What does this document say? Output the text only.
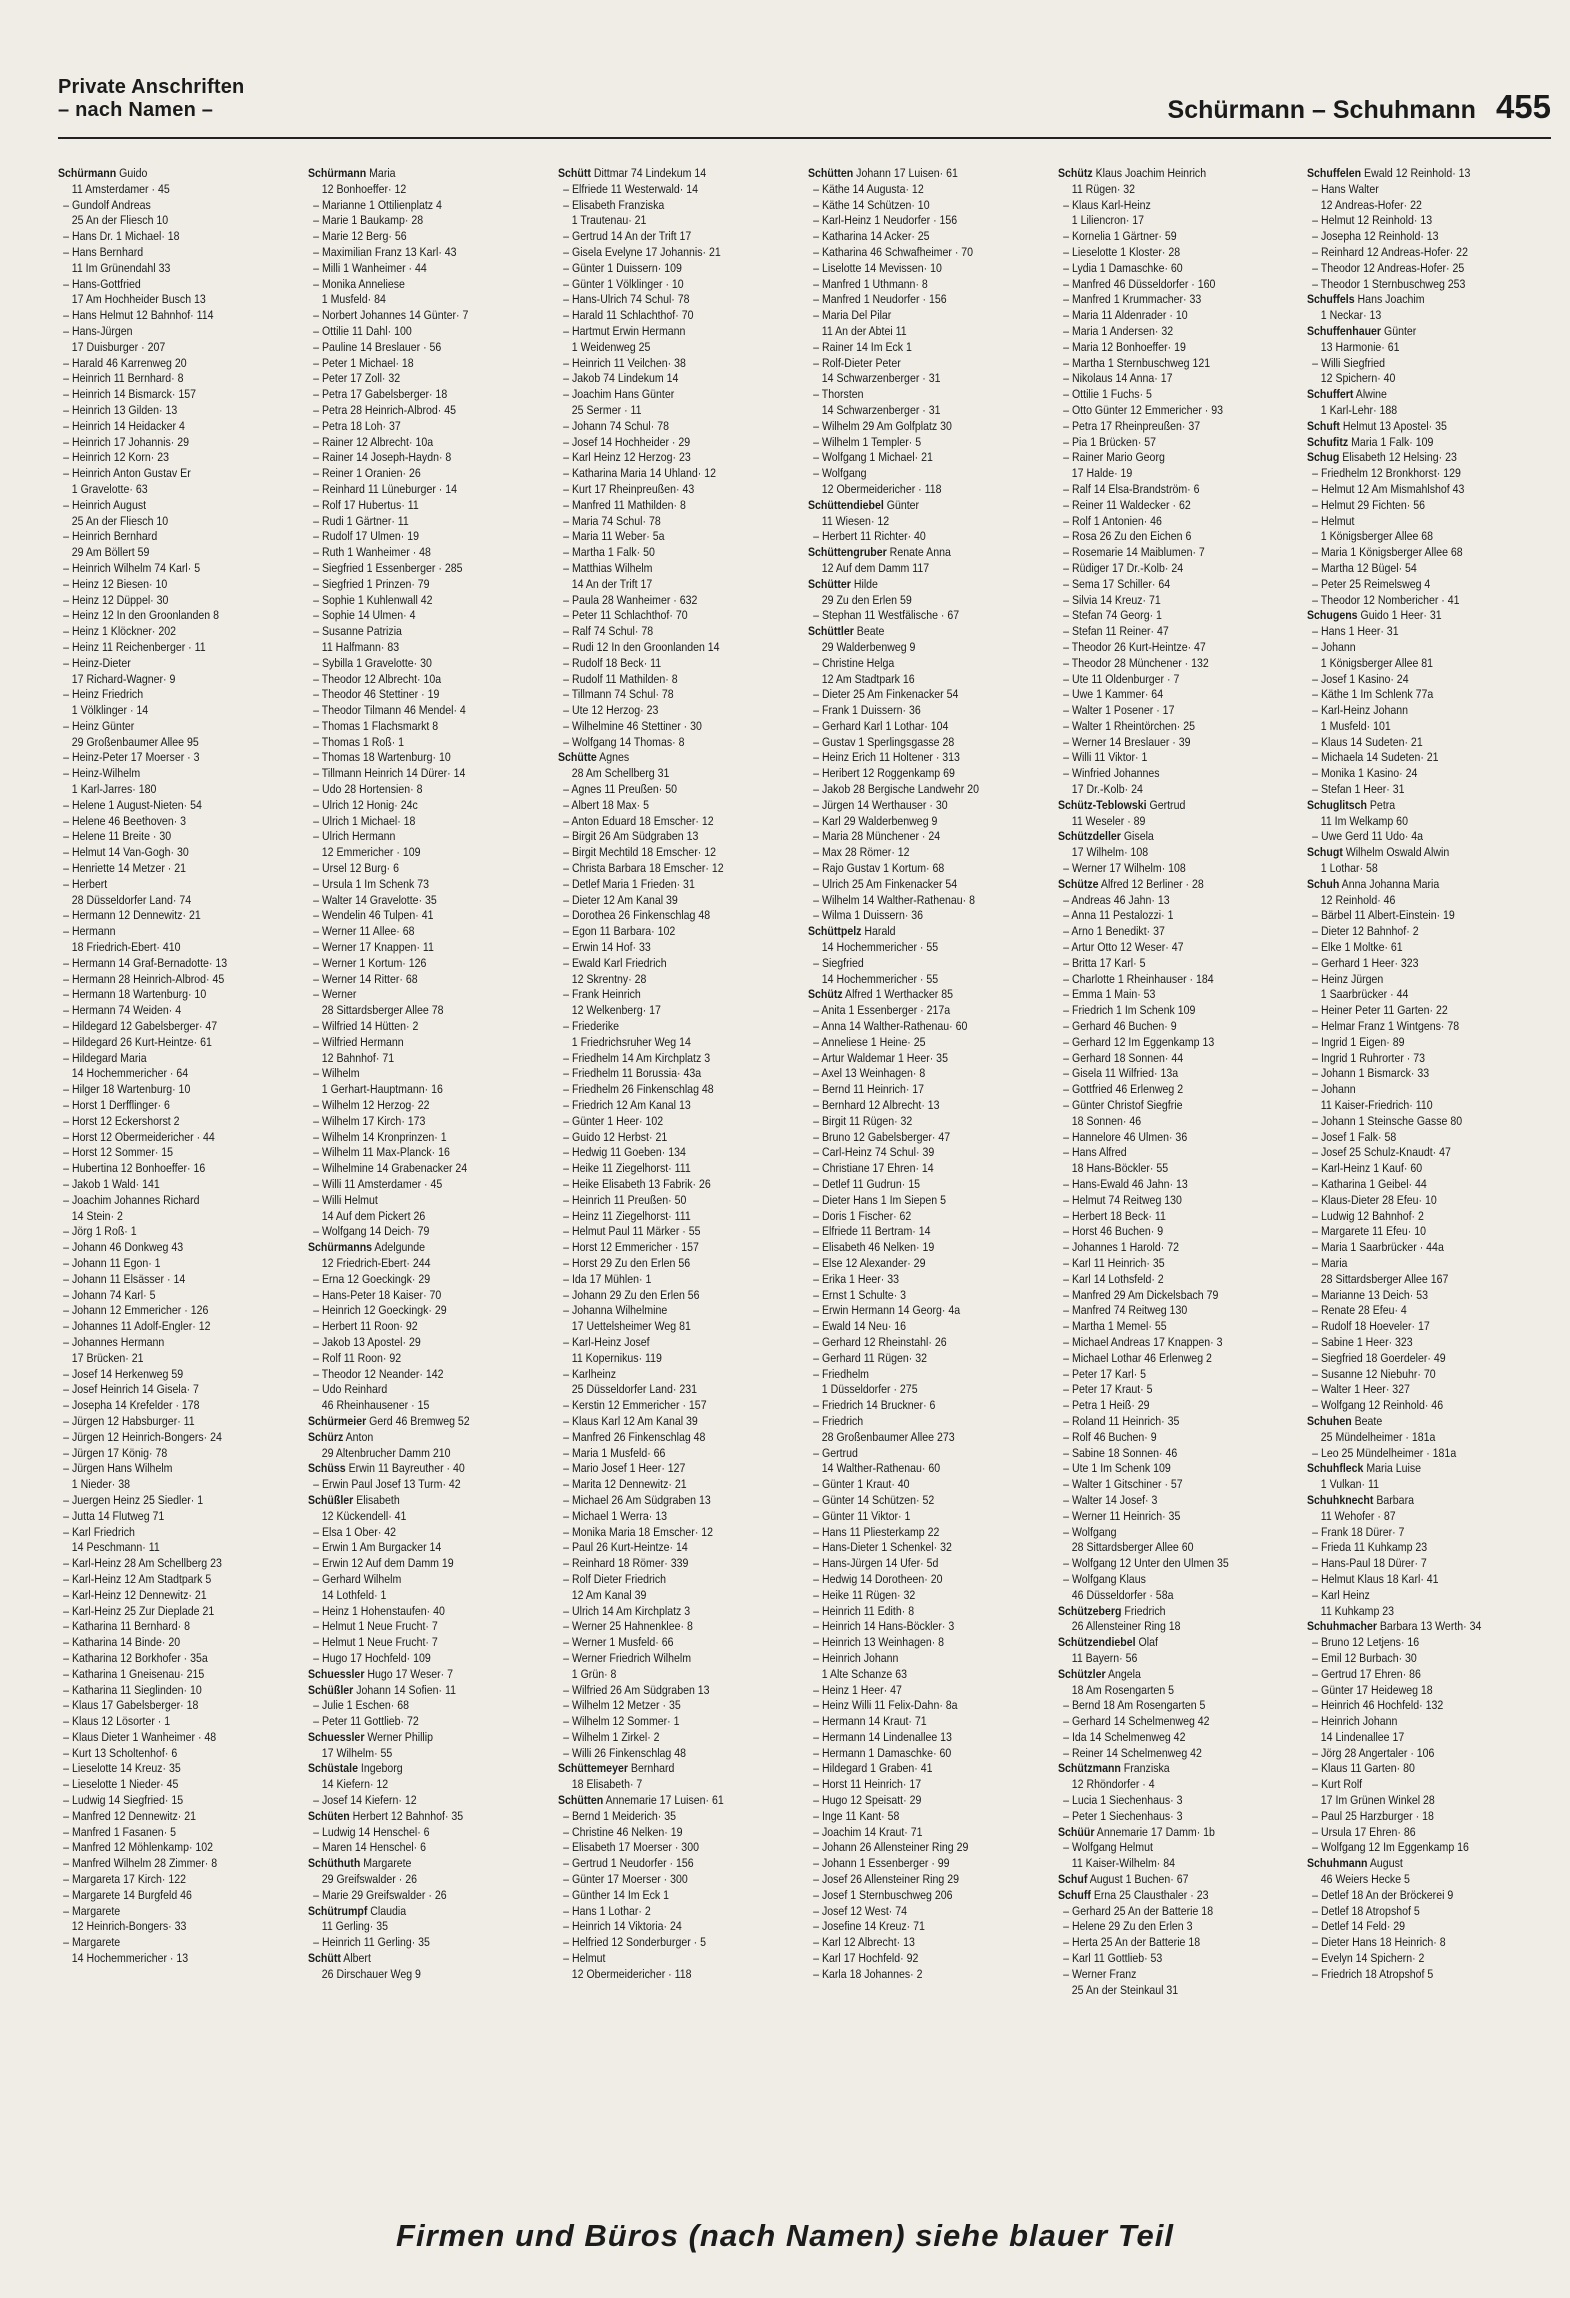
Private Anschriften
– nach Namen –	Schürmann – Schuhmann 455
Schürmann Guido
11 Amsterdamer · 45
– Gundolf Andreas
25 An der Fliesch 10
– Hans Dr. 1 Michael· 18
– Hans Bernhard
11 Im Grünendahl 33
– Hans-Gottfried
17 Am Hochheider Busch 13
– Hans Helmut 12 Bahnhof· 114
– Hans-Jürgen
17 Duisburger · 207
– Harald 46 Karrenweg 20
– Heinrich 11 Bernhard· 8
– Heinrich 14 Bismarck· 157
– Heinrich 13 Gilden· 13
– Heinrich 14 Heidacker 4
– Heinrich 17 Johannis· 29
– Heinrich 12 Korn· 23
– Heinrich Anton Gustav Er
1 Gravelotte· 63
– Heinrich August
25 An der Fliesch 10
– Heinrich Bernhard
29 Am Böllert 59
– Heinrich Wilhelm 74 Karl· 5
– Heinz 12 Biesen· 10
– Heinz 12 Düppel· 30
– Heinz 12 In den Groonlanden 8
– Heinz 1 Klöckner· 202
– Heinz 11 Reichenberger · 11
– Heinz-Dieter
17 Richard-Wagner· 9
– Heinz Friedrich
1 Völklinger · 14
– Heinz Günter
29 Großenbaumer Allee 95
– Heinz-Peter 17 Moerser · 3
– Heinz-Wilhelm
1 Karl-Jarres· 180
– Helene 1 August-Nieten· 54
– Helene 46 Beethoven· 3
– Helene 11 Breite · 30
– Helmut 14 Van-Gogh· 30
– Henriette 14 Metzer · 21
– Herbert
28 Düsseldorfer Land· 74
– Hermann 12 Dennewitz· 21
– Hermann
18 Friedrich-Ebert· 410
– Hermann 14 Graf-Bernadotte· 13
– Hermann 28 Heinrich-Albrod· 45
– Hermann 18 Wartenburg· 10
– Hermann 74 Weiden· 4
– Hildegard 12 Gabelsberger· 47
– Hildegard 26 Kurt-Heintze· 61
– Hildegard Maria
14 Hochemmericher · 64
– Hilger 18 Wartenburg· 10
– Horst 1 Derfflinger· 6
– Horst 12 Eckershorst 2
– Horst 12 Obermeidericher · 44
– Horst 12 Sommer· 15
– Hubertina 12 Bonhoeffer· 16
– Jakob 1 Wald· 141
– Joachim Johannes Richard
14 Stein· 2
– Jörg 1 Roß· 1
– Johann 46 Donkweg 43
– Johann 11 Egon· 1
– Johann 11 Elsässer · 14
– Johann 74 Karl· 5
– Johann 12 Emmericher · 126
– Johannes 11 Adolf-Engler· 12
– Johannes Hermann
17 Brücken· 21
– Josef 14 Herkenweg 59
– Josef Heinrich 14 Gisela· 7
– Josepha 14 Krefelder · 178
– Jürgen 12 Habsburger· 11
– Jürgen 12 Heinrich-Bongers· 24
– Jürgen 17 König· 78
– Jürgen Hans Wilhelm
1 Nieder· 38
– Juergen Heinz 25 Siedler· 1
– Jutta 14 Flutweg 71
– Karl Friedrich
14 Peschmann· 11
– Karl-Heinz 28 Am Schellberg 23
– Karl-Heinz 12 Am Stadtpark 5
– Karl-Heinz 12 Dennewitz· 21
– Karl-Heinz 25 Zur Dieplade 21
– Katharina 11 Bernhard· 8
– Katharina 14 Binde· 20
– Katharina 12 Borkhofer · 35a
– Katharina 1 Gneisenau· 215
– Katharina 11 Sieglinden· 10
– Klaus 17 Gabelsberger· 18
– Klaus 12 Lösorter · 1
– Klaus Dieter 1 Wanheimer · 48
– Kurt 13 Scholtenhof· 6
– Lieselotte 14 Kreuz· 35
– Lieselotte 1 Nieder· 45
– Ludwig 14 Siegfried· 15
– Manfred 12 Dennewitz· 21
– Manfred 1 Fasanen· 5
– Manfred 12 Möhlenkamp· 102
– Manfred Wilhelm 28 Zimmer· 8
– Margareta 17 Kirch· 122
– Margarete 14 Burgfeld 46
– Margarete
12 Heinrich-Bongers· 33
– Margarete
14 Hochemmericher · 13
Schürmann Maria
12 Bonhoeffer· 12
– Marianne 1 Ottilienplatz 4
– Marie 1 Baukamp· 28
– Marie 12 Berg· 56
– Maximilian Franz 13 Karl· 43
– Milli 1 Wanheimer · 44
– Monika Anneliese
1 Musfeld· 84
– Norbert Johannes 14 Günter· 7
– Ottilie 11 Dahl· 100
– Pauline 14 Breslauer · 56
– Peter 1 Michael· 18
– Peter 17 Zoll· 32
– Petra 17 Gabelsberger· 18
– Petra 28 Heinrich-Albrod· 45
– Petra 18 Loh· 37
– Rainer 12 Albrecht· 10a
– Rainer 14 Joseph-Haydn· 8
– Reiner 1 Oranien· 26
– Reinhard 11 Lüneburger · 14
– Rolf 17 Hubertus· 11
– Rudi 1 Gärtner· 11
– Rudolf 17 Ulmen· 19
– Ruth 1 Wanheimer · 48
– Siegfried 1 Essenberger · 285
– Siegfried 1 Prinzen· 79
– Sophie 1 Kuhlenwall 42
– Sophie 14 Ulmen· 4
– Susanne Patrizia
11 Halfmann· 83
– Sybilla 1 Gravelotte· 30
– Theodor 12 Albrecht· 10a
– Theodor 46 Stettiner · 19
– Theodor Tilmann 46 Mendel· 4
– Thomas 1 Flachsmarkt 8
– Thomas 1 Roß· 1
– Thomas 18 Wartenburg· 10
– Tillmann Heinrich 14 Dürer· 14
– Udo 28 Hortensien· 8
– Ulrich 12 Honig· 24c
– Ulrich 1 Michael· 18
– Ulrich Hermann
12 Emmericher · 109
– Ursel 12 Burg· 6
– Ursula 1 Im Schenk 73
– Walter 14 Gravelotte· 35
– Wendelin 46 Tulpen· 41
– Werner 11 Allee· 68
– Werner 17 Knappen· 11
– Werner 1 Kortum· 126
– Werner 14 Ritter· 68
– Werner
28 Sittardsberger Allee 78
– Wilfried 14 Hütten· 2
– Wilfried Hermann
12 Bahnhof· 71
– Wilhelm
1 Gerhart-Hauptmann· 16
– Wilhelm 12 Herzog· 22
– Wilhelm 17 Kirch· 173
– Wilhelm 14 Kronprinzen· 1
– Wilhelm 11 Max-Planck· 16
– Wilhelmine 14 Grabenacker 24
– Willi 11 Amsterdamer · 45
– Willi Helmut
14 Auf dem Pickert 26
– Wolfgang 14 Deich· 79
Schürmanns Adelgunde
12 Friedrich-Ebert· 244
– Erna 12 Goeckingk· 29
– Hans-Peter 18 Kaiser· 70
– Heinrich 12 Goeckingk· 29
– Herbert 11 Roon· 92
– Jakob 13 Apostel· 29
– Rolf 11 Roon· 92
– Theodor 12 Neander· 142
– Udo Reinhard
46 Rheinhausener · 15
Schürmeier Gerd 46 Bremweg 52
Schürz Anton
29 Altenbrucher Damm 210
Schüss Erwin 11 Bayreuther · 40
– Erwin Paul Josef 13 Turm· 42
Schüßler Elisabeth
12 Kückendell· 41
– Elsa 1 Ober· 42
– Erwin 1 Am Burgacker 14
– Erwin 12 Auf dem Damm 19
– Gerhard Wilhelm
14 Lothfeld· 1
– Heinz 1 Hohenstaufen· 40
– Helmut 1 Neue Frucht· 7
– Helmut 1 Neue Frucht· 7
– Hugo 17 Hochfeld· 109
Schuessler Hugo 17 Weser· 7
Schüßler Johann 14 Sofien· 11
– Julie 1 Eschen· 68
– Peter 11 Gottlieb· 72
Schuessler Werner Phillip
17 Wilhelm· 55
Schüstale Ingeborg
14 Kiefern· 12
– Josef 14 Kiefern· 12
Schüten Herbert 12 Bahnhof· 35
– Ludwig 14 Henschel· 6
– Maren 14 Henschel· 6
Schüthuth Margarete
29 Greifswalder · 26
– Marie 29 Greifswalder · 26
Schütrumpf Claudia
11 Gerling· 35
– Heinrich 11 Gerling· 35
Schütt Albert
26 Dirschauer Weg 9
Schütt Dittmar 74 Lindekum 14
– Elfriede 11 Westerwald· 14
– Elisabeth Franziska
1 Trautenau· 21
– Gertrud 14 An der Trift 17
– Gisela Evelyne 17 Johannis· 21
– Günter 1 Duissern· 109
– Günter 1 Völklinger · 10
– Hans-Ulrich 74 Schul· 78
– Harald 11 Schlachthof· 70
– Hartmut Erwin Hermann
1 Weidenweg 25
– Heinrich 11 Veilchen· 38
– Jakob 74 Lindekum 14
– Joachim Hans Günter
25 Sermer · 11
– Johann 74 Schul· 78
– Josef 14 Hochheider · 29
– Karl Heinz 12 Herzog· 23
– Katharina Maria 14 Uhland· 12
– Kurt 17 Rheinpreußen· 43
– Manfred 11 Mathilden· 8
– Maria 74 Schul· 78
– Maria 11 Weber· 5a
– Martha 1 Falk· 50
– Matthias Wilhelm
14 An der Trift 17
– Paula 28 Wanheimer · 632
– Peter 11 Schlachthof· 70
– Ralf 74 Schul· 78
– Rudi 12 In den Groonlanden 14
– Rudolf 18 Beck· 11
– Rudolf 11 Mathilden· 8
– Tillmann 74 Schul· 78
– Ute 12 Herzog· 23
– Wilhelmine 46 Stettiner · 30
– Wolfgang 14 Thomas· 8
Schütte Agnes
28 Am Schellberg 31
– Agnes 11 Preußen· 50
– Albert 18 Max· 5
– Anton Eduard 18 Emscher· 12
– Birgit 26 Am Südgraben 13
– Birgit Mechtild 18 Emscher· 12
– Christa Barbara 18 Emscher· 12
– Detlef Maria 1 Frieden· 31
– Dieter 12 Am Kanal 39
– Dorothea 26 Finkenschlag 48
– Egon 11 Barbara· 102
– Erwin 14 Hof· 33
– Ewald Karl Friedrich
12 Skrentny· 28
– Frank Heinrich
12 Welkenberg· 17
– Friederike
1 Friedrichsruher Weg 14
– Friedhelm 14 Am Kirchplatz 3
– Friedhelm 11 Borussia· 43a
– Friedhelm 26 Finkenschlag 48
– Friedrich 12 Am Kanal 13
– Günter 1 Heer· 102
– Guido 12 Herbst· 21
– Hedwig 11 Goeben· 134
– Heike 11 Ziegelhorst· 111
– Heike Elisabeth 13 Fabrik· 26
– Heinrich 11 Preußen· 50
– Heinz 11 Ziegelhorst· 111
– Helmut Paul 11 Märker · 55
– Horst 12 Emmericher · 157
– Horst 29 Zu den Erlen 56
– Ida 17 Mühlen· 1
– Johann 29 Zu den Erlen 56
– Johanna Wilhelmine
17 Uettelsheimer Weg 81
– Karl-Heinz Josef
11 Kopernikus· 119
– Karlheinz
25 Düsseldorfer Land· 231
– Kerstin 12 Emmericher · 157
– Klaus Karl 12 Am Kanal 39
– Manfred 26 Finkenschlag 48
– Maria 1 Musfeld· 66
– Mario Josef 1 Heer· 127
– Marita 12 Dennewitz· 21
– Michael 26 Am Südgraben 13
– Michael 1 Werra· 13
– Monika Maria 18 Emscher· 12
– Paul 26 Kurt-Heintze· 14
– Reinhard 18 Römer· 339
– Rolf Dieter Friedrich
12 Am Kanal 39
– Ulrich 14 Am Kirchplatz 3
– Werner 25 Hahnenklee· 8
– Werner 1 Musfeld· 66
– Werner Friedrich Wilhelm
1 Grün· 8
– Wilfried 26 Am Südgraben 13
– Wilhelm 12 Metzer · 35
– Wilhelm 12 Sommer· 1
– Wilhelm 1 Zirkel· 2
– Willi 26 Finkenschlag 48
Schüttemeyer Bernhard
18 Elisabeth· 7
Schütten Annemarie 17 Luisen· 61
– Bernd 1 Meiderich· 35
– Christine 46 Nelken· 19
– Elisabeth 17 Moerser · 300
– Gertrud 1 Neudorfer · 156
– Günter 17 Moerser · 300
– Günther 14 Im Eck 1
– Hans 1 Lothar· 2
– Heinrich 14 Viktoria· 24
– Helfried 12 Sonderburger · 5
– Helmut
12 Obermeidericher · 118
Schütten Johann 17 Luisen· 61
– Käthe 14 Augusta· 12
– Käthe 14 Schützen· 10
– Karl-Heinz 1 Neudorfer · 156
– Katharina 14 Acker· 25
– Katharina 46 Schwafheimer · 70
– Liselotte 14 Mevissen· 10
– Manfred 1 Uthmann· 8
– Manfred 1 Neudorfer · 156
– Maria Del Pilar
11 An der Abtei 11
– Rainer 14 Im Eck 1
– Rolf-Dieter Peter
14 Schwarzenberger · 31
– Thorsten
14 Schwarzenberger · 31
– Wilhelm 29 Am Golfplatz 30
– Wilhelm 1 Templer· 5
– Wolfgang 1 Michael· 21
– Wolfgang
12 Obermeidericher · 118
Schüttendiebel Günter
11 Wiesen· 12
– Herbert 11 Richter· 40
Schüttengruber Renate Anna
12 Auf dem Damm 117
Schütter Hilde
29 Zu den Erlen 59
– Stephan 11 Westfälische · 67
Schüttler Beate
29 Walderbenweg 9
– Christine Helga
12 Am Stadtpark 16
– Dieter 25 Am Finkenacker 54
– Frank 1 Duissern· 36
– Gerhard Karl 1 Lothar· 104
– Gustav 1 Sperlingsgasse 28
– Heinz Erich 11 Holtener · 313
– Heribert 12 Roggenkamp 69
– Jakob 28 Bergische Landwehr 20
– Jürgen 14 Werthauser · 30
– Karl 29 Walderbenweg 9
– Maria 28 Münchener · 24
– Max 28 Römer· 12
– Rajo Gustav 1 Kortum· 68
– Ulrich 25 Am Finkenacker 54
– Wilhelm 14 Walther-Rathenau· 8
– Wilma 1 Duissern· 36
Schüttpelz Harald
14 Hochemmericher · 55
– Siegfried
14 Hochemmericher · 55
Schütz Alfred 1 Werthacker 85
– Anita 1 Essenberger · 217a
– Anna 14 Walther-Rathenau· 60
– Anneliese 1 Heine· 25
– Artur Waldemar 1 Heer· 35
– Axel 13 Weinhagen· 8
– Bernd 11 Heinrich· 17
– Bernhard 12 Albrecht· 13
– Birgit 11 Rügen· 32
– Bruno 12 Gabelsberger· 47
– Carl-Heinz 74 Schul· 39
– Christiane 17 Ehren· 14
– Detlef 11 Gudrun· 15
– Dieter Hans 1 Im Siepen 5
– Doris 1 Fischer· 62
– Elfriede 11 Bertram· 14
– Elisabeth 46 Nelken· 19
– Else 12 Alexander· 29
– Erika 1 Heer· 33
– Ernst 1 Schulte· 3
– Erwin Hermann 14 Georg· 4a
– Ewald 14 Neu· 16
– Gerhard 12 Rheinstahl· 26
– Gerhard 11 Rügen· 32
– Friedhelm
1 Düsseldorfer · 275
– Friedrich 14 Bruckner· 6
– Friedrich
28 Großenbaumer Allee 273
– Gertrud
14 Walther-Rathenau· 60
– Günter 1 Kraut· 40
– Günter 14 Schützen· 52
– Günter 11 Viktor· 1
– Hans 11 Pliesterkamp 22
– Hans-Dieter 1 Schenkel· 32
– Hans-Jürgen 14 Ufer· 5d
– Hedwig 14 Dorotheen· 20
– Heike 11 Rügen· 32
– Heinrich 11 Edith· 8
– Heinrich 14 Hans-Böckler· 3
– Heinrich 13 Weinhagen· 8
– Heinrich Johann
1 Alte Schanze 63
– Heinz 1 Heer· 47
– Heinz Willi 11 Felix-Dahn· 8a
– Hermann 14 Kraut· 71
– Hermann 14 Lindenallee 13
– Hermann 1 Damaschke· 60
– Hildegard 1 Graben· 41
– Horst 11 Heinrich· 17
– Hugo 12 Speisatt· 29
– Inge 11 Kant· 58
– Joachim 14 Kraut· 71
– Johann 26 Allensteiner Ring 29
– Johann 1 Essenberger · 99
– Josef 26 Allensteiner Ring 29
– Josef 1 Sternbuschweg 206
– Josef 12 West· 74
– Josefine 14 Kreuz· 71
– Karl 12 Albrecht· 13
– Karl 17 Hochfeld· 92
– Karla 18 Johannes· 2
Schütz Klaus Joachim Heinrich
11 Rügen· 32
– Klaus Karl-Heinz
1 Liliencron· 17
– Kornelia 1 Gärtner· 59
– Lieselotte 1 Kloster· 28
– Lydia 1 Damaschke· 60
– Manfred 46 Düsseldorfer · 160
– Manfred 1 Krummacher· 33
– Maria 11 Aldenrader · 10
– Maria 1 Andersen· 32
– Maria 12 Bonhoeffer· 19
– Martha 1 Sternbuschweg 121
– Nikolaus 14 Anna· 17
– Ottilie 1 Fuchs· 5
– Otto Günter 12 Emmericher · 93
– Petra 17 Rheinpreußen· 37
– Pia 1 Brücken· 57
– Rainer Mario Georg
17 Halde· 19
– Ralf 14 Elsa-Brandström· 6
– Reiner 11 Waldecker · 62
– Rolf 1 Antonien· 46
– Rosa 26 Zu den Eichen 6
– Rosemarie 14 Maiblumen· 7
– Rüdiger 17 Dr.-Kolb· 24
– Sema 17 Schiller· 64
– Silvia 14 Kreuz· 71
– Stefan 74 Georg· 1
– Stefan 11 Reiner· 47
– Theodor 26 Kurt-Heintze· 47
– Theodor 28 Münchener · 132
– Ute 11 Oldenburger · 7
– Uwe 1 Kammer· 64
– Walter 1 Posener · 17
– Walter 1 Rheintörchen· 25
– Werner 14 Breslauer · 39
– Willi 11 Viktor· 1
– Winfried Johannes
17 Dr.-Kolb· 24
Schütz-Teblowski Gertrud
11 Weseler · 89
Schützdeller Gisela
17 Wilhelm· 108
– Werner 17 Wilhelm· 108
Schütze Alfred 12 Berliner · 28
– Andreas 46 Jahn· 13
– Anna 11 Pestalozzi· 1
– Arno 1 Benedikt· 37
– Artur Otto 12 Weser· 47
– Britta 17 Karl· 5
– Charlotte 1 Rheinhauser · 184
– Emma 1 Main· 53
– Friedrich 1 Im Schenk 109
– Gerhard 46 Buchen· 9
– Gerhard 12 Im Eggenkamp 13
– Gerhard 18 Sonnen· 44
– Gisela 11 Wilfried· 13a
– Gottfried 46 Erlenweg 2
– Günter Christof Siegfrie
18 Sonnen· 46
– Hannelore 46 Ulmen· 36
– Hans Alfred
18 Hans-Böckler· 55
– Hans-Ewald 46 Jahn· 13
– Helmut 74 Reitweg 130
– Herbert 18 Beck· 11
– Horst 46 Buchen· 9
– Johannes 1 Harold· 72
– Karl 11 Heinrich· 35
– Karl 14 Lothsfeld· 2
– Manfred 29 Am Dickelsbach 79
– Manfred 74 Reitweg 130
– Martha 1 Memel· 55
– Michael Andreas 17 Knappen· 3
– Michael Lothar 46 Erlenweg 2
– Peter 17 Karl· 5
– Peter 17 Kraut· 5
– Petra 1 Heiß· 29
– Roland 11 Heinrich· 35
– Rolf 46 Buchen· 9
– Sabine 18 Sonnen· 46
– Ute 1 Im Schenk 109
– Walter 1 Gitschiner · 57
– Walter 14 Josef· 3
– Werner 11 Heinrich· 35
– Wolfgang
28 Sittardsberger Allee 60
– Wolfgang 12 Unter den Ulmen 35
– Wolfgang Klaus
46 Düsseldorfer · 58a
Schützeberg Friedrich
26 Allensteiner Ring 18
Schützendiebel Olaf
11 Bayern· 56
Schützler Angela
18 Am Rosengarten 5
– Bernd 18 Am Rosengarten 5
– Gerhard 14 Schelmenweg 42
– Ida 14 Schelmenweg 42
– Reiner 14 Schelmenweg 42
Schützmann Franziska
12 Rhöndorfer · 4
– Lucia 1 Siechenhaus· 3
– Peter 1 Siechenhaus· 3
Schüür Annemarie 17 Damm· 1b
– Wolfgang Helmut
11 Kaiser-Wilhelm· 84
Schuf August 1 Buchen· 67
Schuff Erna 25 Clausthaler · 23
– Gerhard 25 An der Batterie 18
– Helene 29 Zu den Erlen 3
– Herta 25 An der Batterie 18
– Karl 11 Gottlieb· 53
– Werner Franz
25 An der Steinkaul 31
Schuffelen Ewald 12 Reinhold· 13
– Hans Walter
12 Andreas-Hofer· 22
– Helmut 12 Reinhold· 13
– Josepha 12 Reinhold· 13
– Reinhard 12 Andreas-Hofer· 22
– Theodor 12 Andreas-Hofer· 25
– Theodor 1 Sternbuschweg 253
Schuffels Hans Joachim
1 Neckar· 13
Schuffenhauer Günter
13 Harmonie· 61
– Willi Siegfried
12 Spichern· 40
Schuffert Alwine
1 Karl-Lehr· 188
Schuft Helmut 13 Apostel· 35
Schufitz Maria 1 Falk· 109
Schug Elisabeth 12 Helsing· 23
– Friedhelm 12 Bronkhorst· 129
– Helmut 12 Am Mismahlshof 43
– Helmut 29 Fichten· 56
– Helmut
1 Königsberger Allee 68
– Maria 1 Königsberger Allee 68
– Martha 12 Bügel· 54
– Peter 25 Reimelsweg 4
– Theodor 12 Nombericher · 41
Schugens Guido 1 Heer· 31
– Hans 1 Heer· 31
– Johann
1 Königsberger Allee 81
– Josef 1 Kasino· 24
– Käthe 1 Im Schlenk 77a
– Karl-Heinz Johann
1 Musfeld· 101
– Klaus 14 Sudeten· 21
– Michaela 14 Sudeten· 21
– Monika 1 Kasino· 24
– Stefan 1 Heer· 31
Schuglitsch Petra
11 Im Welkamp 60
– Uwe Gerd 11 Udo· 4a
Schugt Wilhelm Oswald Alwin
1 Lothar· 58
Schuh Anna Johanna Maria
12 Reinhold· 46
– Bärbel 11 Albert-Einstein· 19
– Dieter 12 Bahnhof· 2
– Elke 1 Moltke· 61
– Gerhard 1 Heer· 323
– Heinz Jürgen
1 Saarbrücker · 44
– Heiner Peter 11 Garten· 22
– Helmar Franz 1 Wintgens· 78
– Ingrid 1 Eigen· 89
– Ingrid 1 Ruhrorter · 73
– Johann 1 Bismarck· 33
– Johann
11 Kaiser-Friedrich· 110
– Johann 1 Steinsche Gasse 80
– Josef 1 Falk· 58
– Josef 25 Schulz-Knaudt· 47
– Karl-Heinz 1 Kauf· 60
– Katharina 1 Geibel· 44
– Klaus-Dieter 28 Efeu· 10
– Ludwig 12 Bahnhof· 2
– Margarete 11 Efeu· 10
– Maria 1 Saarbrücker · 44a
– Maria
28 Sittardsberger Allee 167
– Marianne 13 Deich· 53
– Renate 28 Efeu· 4
– Rudolf 18 Hoeveler· 17
– Sabine 1 Heer· 323
– Siegfried 18 Goerdeler· 49
– Susanne 12 Niebuhr· 70
– Walter 1 Heer· 327
– Wolfgang 12 Reinhold· 46
Schuhen Beate
25 Mündelheimer · 181a
– Leo 25 Mündelheimer · 181a
Schuhfleck Maria Luise
1 Vulkan· 11
Schuhknecht Barbara
11 Wehofer · 87
– Frank 18 Dürer· 7
– Frieda 11 Kuhkamp 23
– Hans-Paul 18 Dürer· 7
– Helmut Klaus 18 Karl· 41
– Karl Heinz
11 Kuhkamp 23
Schuhmacher Barbara 13 Werth· 34
– Bruno 12 Letjens· 16
– Emil 12 Burbach· 30
– Gertrud 17 Ehren· 86
– Günter 17 Heideweg 18
– Heinrich 46 Hochfeld· 132
– Heinrich Johann
14 Lindenallee 17
– Jörg 28 Angertaler · 106
– Klaus 11 Garten· 80
– Kurt Rolf
17 Im Grünen Winkel 28
– Paul 25 Harzburger · 18
– Ursula 17 Ehren· 86
– Wolfgang 12 Im Eggenkamp 16
Schuhmann August
46 Weiers Hecke 5
– Detlef 18 An der Bröckerei 9
– Detlef 18 Atropshof 5
– Detlef 14 Feld· 29
– Dieter Hans 18 Heinrich· 8
– Evelyn 14 Spichern· 2
– Friedrich 18 Atropshof 5
Firmen und Büros (nach Namen) siehe blauer Teil
